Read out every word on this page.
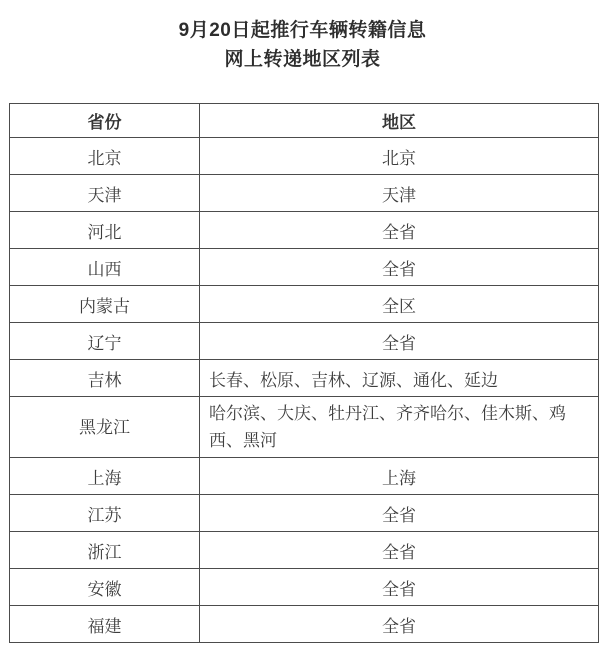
9月20日起推行车辆转籍信息
网上转递地区列表
省份	地区
北京	北京
天津	天津
河北	全省
山西	全省
内蒙古	全区
辽宁	全省
吉林	长春、松原、吉林、辽源、通化、延边
黑龙江	哈尔滨、大庆、牡丹江、齐齐哈尔、佳木斯、鸡西、黑河
上海	上海
江苏	全省
浙江	全省
安徽	全省
福建	全省
